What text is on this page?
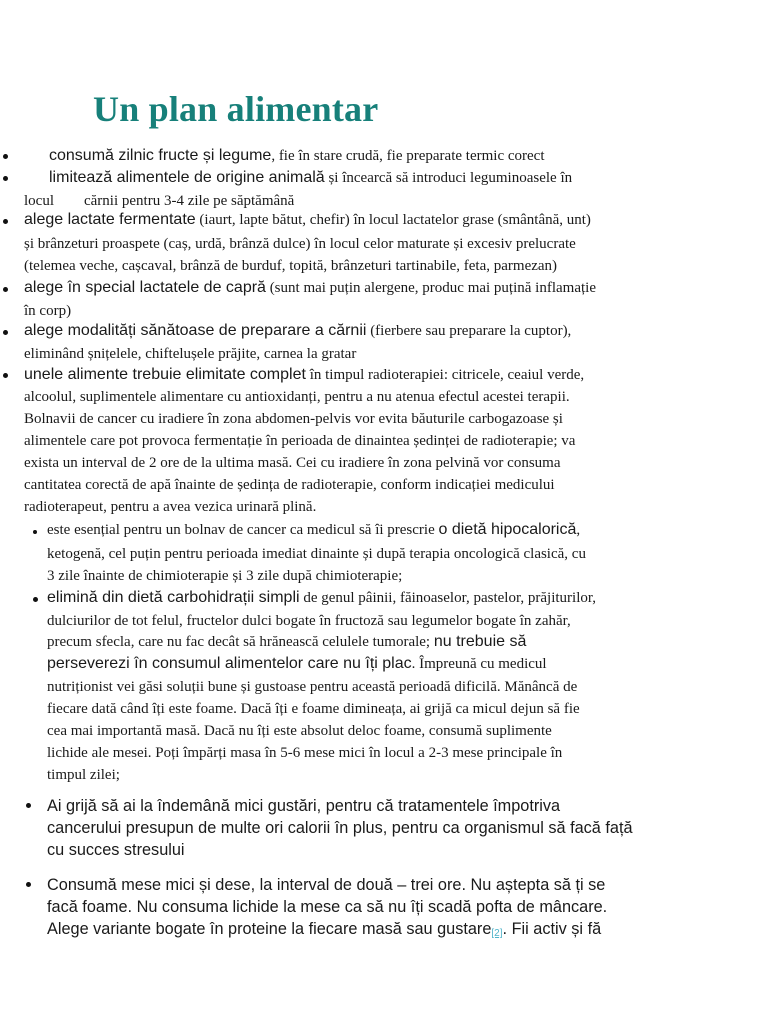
Un plan alimentar
consumă zilnic fructe și legume, fie în stare crudă, fie preparate termic corect
limitează alimentele de origine animală și încearcă să introduci leguminoasele în
locul        cărnii pentru 3-4 zile pe săptămână
alege lactate fermentate (iaurt, lapte bătut, chefir) în locul lactatelor grase (smântână, unt)
și brânzeturi proaspete (caș, urdă, brânză dulce) în locul celor maturate și excesiv prelucrate
(telemea veche, cașcaval, brânză de burduf, topită, brânzeturi tartinabile, feta, parmezan)
alege în special lactatele de capră (sunt mai puțin alergene, produc mai puțină inflamație
în corp)
alege modalități sănătoase de preparare a cărnii (fierbere sau preparare la cuptor),
eliminând șnițelele, chiftelușele prăjite, carnea la gratar
unele alimente trebuie elimitate complet în timpul radioterapiei: citricele, ceaiul verde,
alcoolul, suplimentele alimentare cu antioxidanți, pentru a nu atenua efectul acestei terapii.
Bolnavii de cancer cu iradiere în zona abdomen-pelvis vor evita băuturile carbogazoase și
alimentele care pot provoca fermentație în perioada de dinaintea ședinței de radioterapie; va
exista un interval de 2 ore de la ultima masă. Cei cu iradiere în zona pelvină vor consuma
cantitatea corectă de apă înainte de ședința de radioterapie, conform indicației medicului
radioterapeut, pentru a avea vezica urinară plină.
este esențial pentru un bolnav de cancer ca medicul să îi prescrie o dietă hipocalorică,
ketogenă, cel puțin pentru perioada imediat dinainte și după terapia oncologică clasică, cu
3 zile înainte de chimioterapie și 3 zile după chimioterapie;
elimină din dietă carbohidrații simpli de genul pâinii, făinoaselor, pastelor, prăjiturilor,
dulciurilor de tot felul, fructelor dulci bogate în fructoză sau legumelor bogate în zahăr,
precum sfecla, care nu fac decât să hrănească celulele tumorale; nu trebuie să
perseverezi în consumul alimentelor care nu îți plac. Împreună cu medicul
nutriționist vei găsi soluții bune și gustoase pentru această perioadă dificilă. Mănâncă de
fiecare dată când îți este foame. Dacă îți e foame dimineața, ai grijă ca micul dejun să fie
cea mai importantă masă. Dacă nu îți este absolut deloc foame, consumă suplimente
lichide ale mesei. Poți împărți masa în 5-6 mese mici în locul a 2-3 mese principale în
timpul zilei;
Ai grijă să ai la îndemână mici gustări, pentru că tratamentele împotriva
cancerului presupun de multe ori calorii în plus, pentru ca organismul să facă față
cu succes stresului
Consumă mese mici și dese, la interval de două – trei ore. Nu aștepta să ți se
facă foame. Nu consuma lichide la mese ca să nu îți scadă pofta de mâncare.
Alege variante bogate în proteine la fiecare masă sau gustare[2]. Fii activ și fă
